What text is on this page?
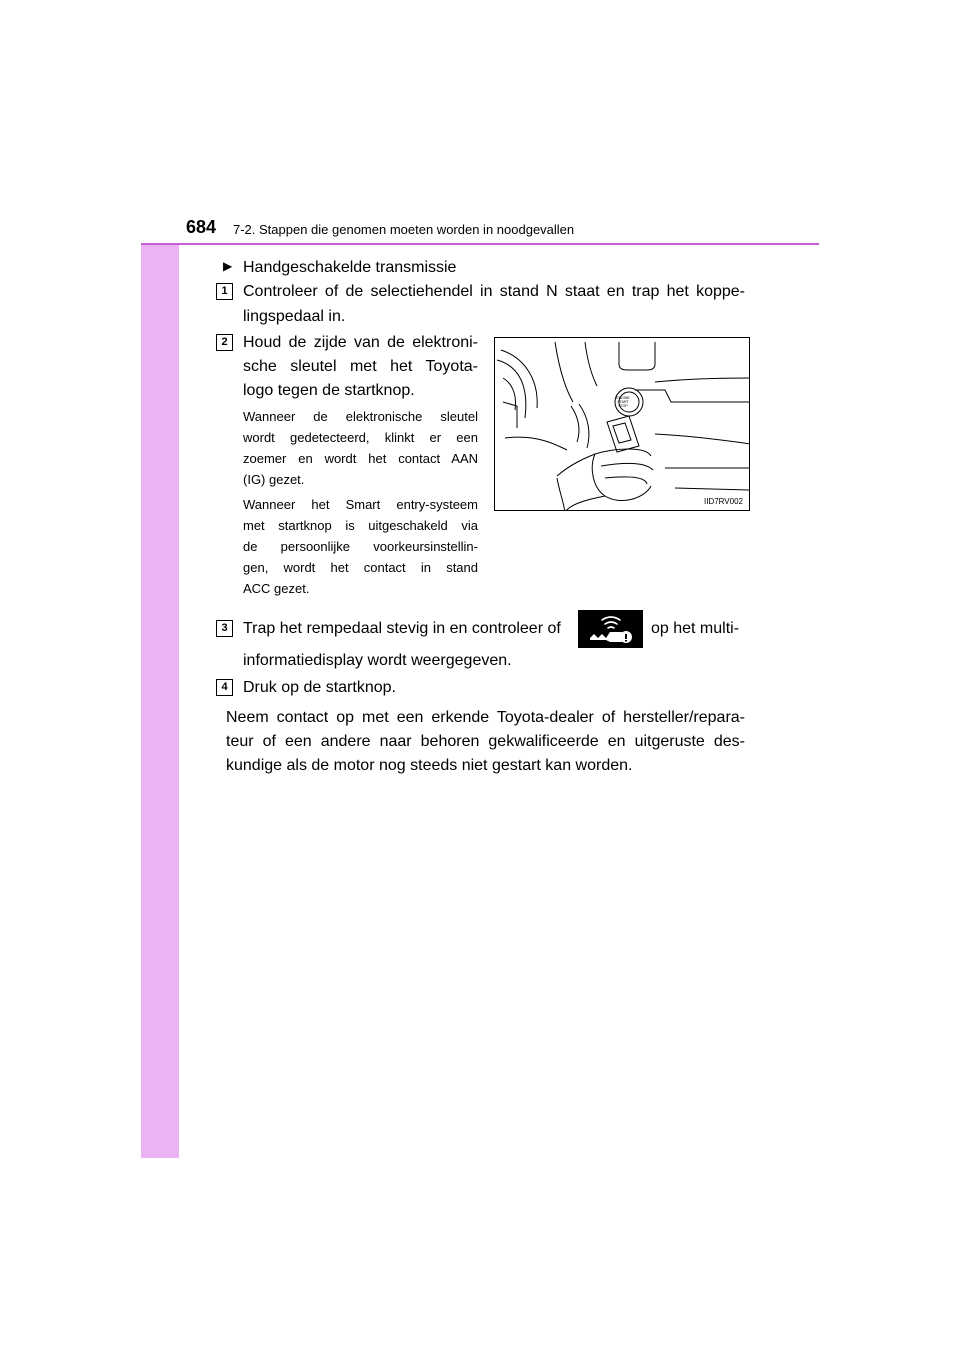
684 7-2. Stappen die genomen moeten worden in noodgevallen
▶ Handgeschakelde transmissie
1 Controleer of de selectiehendel in stand N staat en trap het koppe-
lingspedaal in.
2 Houd de zijde van de elektroni-
sche sleutel met het Toyota-
logo tegen de startknop.
Wanneer de elektronische sleutel
wordt gedetecteerd, klinkt er een
zoemer en wordt het contact AAN
(IG) gezet.
Wanneer het Smart entry-systeem
met startknop is uitgeschakeld via
de persoonlijke voorkeursinstellin-
gen, wordt het contact in stand
ACC gezet.
ENGINE
START
STOP
IID7RV002
3 Trap het rempedaal stevig in en controleer of	op het multi-
informatiedisplay wordt weergegeven.
4 Druk op de startknop.
Neem contact op met een erkende Toyota-dealer of hersteller/repara-
teur of een andere naar behoren gekwalificeerde en uitgeruste des-
kundige als de motor nog steeds niet gestart kan worden.
